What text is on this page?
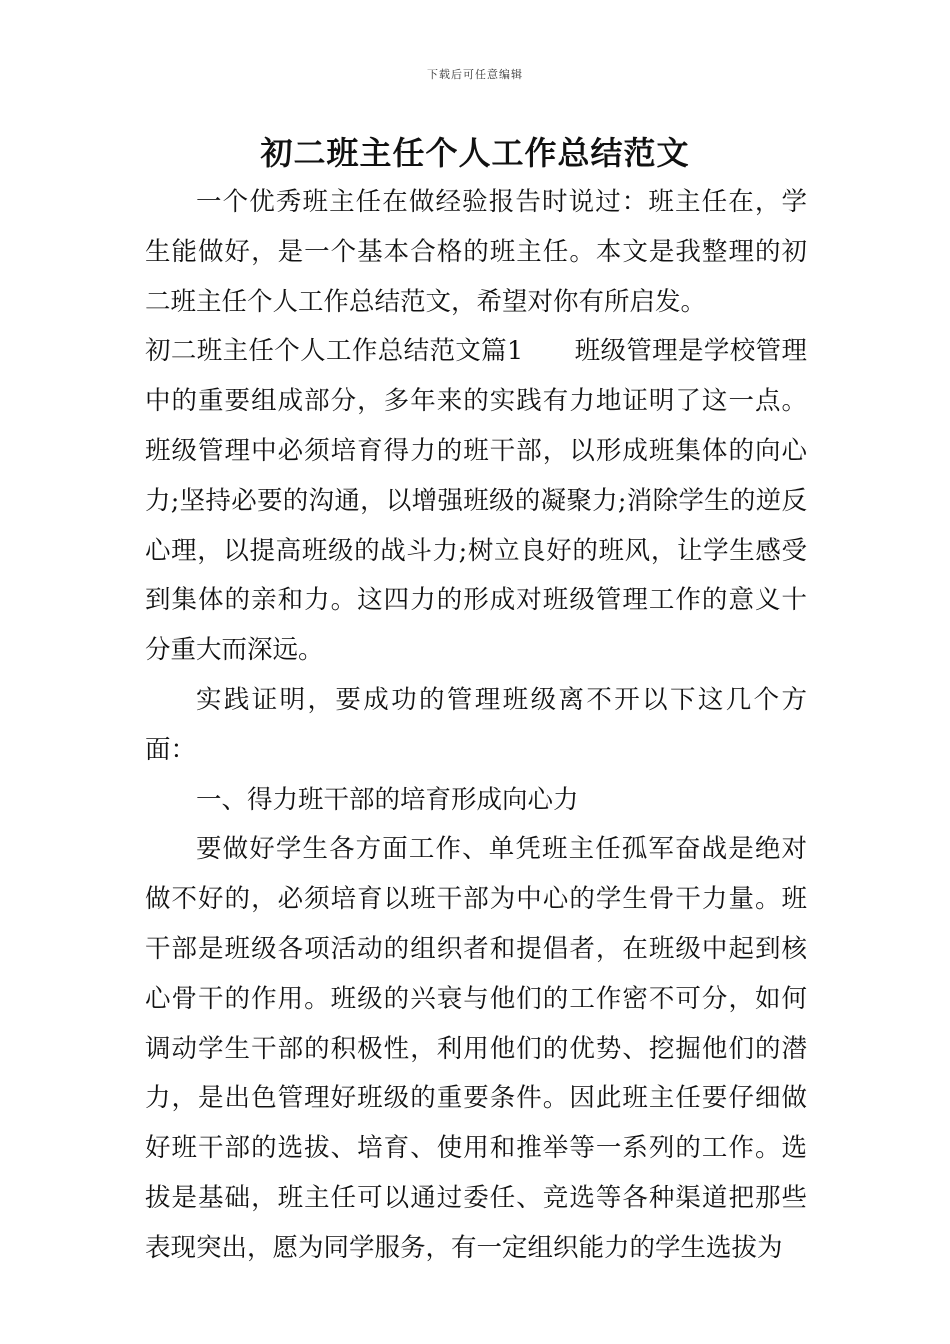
下载后可任意编辑
初二班主任个人工作总结范文

一个优秀班主任在做经验报告时说过：班主任在，学生能做好，是一个基本合格的班主任。本文是我整理的初二班主任个人工作总结范文，希望对你有所启发。

初二班主任个人工作总结范文篇1 班级管理是学校管理中的重要组成部分，多年来的实践有力地证明了这一点。班级管理中必须培育得力的班干部，以形成班集体的向心力;坚持必要的沟通，以增强班级的凝聚力;消除学生的逆反心理，以提高班级的战斗力;树立良好的班风，让学生感受到集体的亲和力。这四力的形成对班级管理工作的意义十分重大而深远。

实践证明，要成功的管理班级离不开以下这几个方面：

一、得力班干部的培育形成向心力

要做好学生各方面工作、单凭班主任孤军奋战是绝对做不好的，必须培育以班干部为中心的学生骨干力量。班干部是班级各项活动的组织者和提倡者，在班级中起到核心骨干的作用。班级的兴衰与他们的工作密不可分，如何调动学生干部的积极性，利用他们的优势、挖掘他们的潜力，是出色管理好班级的重要条件。因此班主任要仔细做好班干部的选拔、培育、使用和推举等一系列的工作。选拔是基础，班主任可以通过委任、竞选等各种渠道把那些表现突出，愿为同学服务，有一定组织能力的学生选拔为
